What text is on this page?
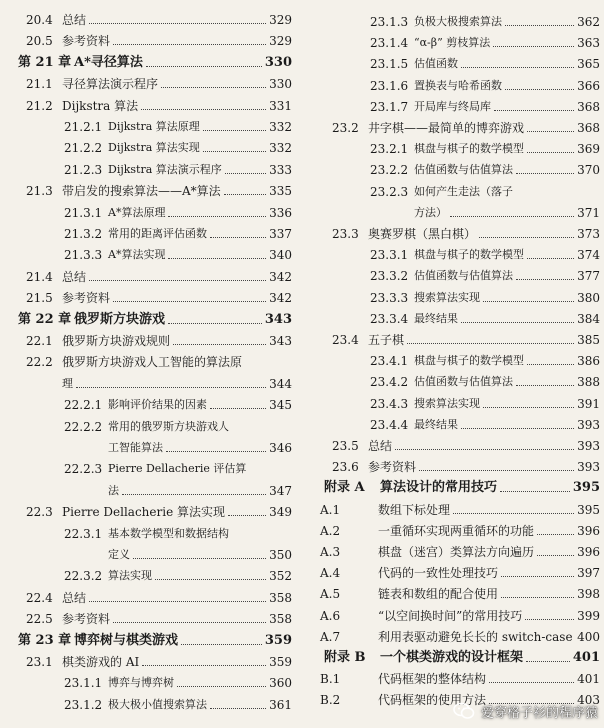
20.4 总结	329
20.5 参考资料	329
第 21 章 A*寻径算法	330
21.1 寻径算法演示程序	330
21.2 Dijkstra 算法	331
21.2.1 Dijkstra 算法原理	332
21.2.2 Dijkstra 算法实现	332
21.2.3 Dijkstra 算法演示程序	333
21.3 带启发的搜索算法——A*算法	335
21.3.1 A*算法原理	336
21.3.2 常用的距离评估函数	337
21.3.3 A*算法实现	340
21.4 总结	342
21.5 参考资料	342
第 22 章 俄罗斯方块游戏	343
22.1 俄罗斯方块游戏规则	343
22.2 俄罗斯方块游戏人工智能的算法原
理	344
22.2.1 影响评价结果的因素	345
22.2.2 常用的俄罗斯方块游戏人
工智能算法	346
22.2.3 Pierre Dellacherie 评估算
法	347
22.3 Pierre Dellacherie 算法实现	349
22.3.1 基本数学模型和数据结构
定义	350
22.3.2 算法实现	352
22.4 总结	358
22.5 参考资料	358
第 23 章 博弈树与棋类游戏	359
23.1 棋类游戏的 AI	359
23.1.1 博弈与博弈树	360
23.1.2 极大极小值搜索算法	361
23.1.3 负极大极搜索算法	362
23.1.4 “α-β” 剪枝算法	363
23.1.5 估值函数	365
23.1.6 置换表与哈希函数	366
23.1.7 开局库与终局库	368
23.2 井字棋——最简单的博弈游戏	368
23.2.1 棋盘与棋子的数学模型	369
23.2.2 估值函数与估值算法	370
23.2.3 如何产生走法（落子
方法）	371
23.3 奥赛罗棋（黑白棋）	373
23.3.1 棋盘与棋子的数学模型	374
23.3.2 估值函数与估值算法	377
23.3.3 搜索算法实现	380
23.3.4 最终结果	384
23.4 五子棋	385
23.4.1 棋盘与棋子的数学模型	386
23.4.2 估值函数与估值算法	388
23.4.3 搜索算法实现	391
23.4.4 最终结果	393
23.5 总结	393
23.6 参考资料	393
附录 A 算法设计的常用技巧	395
A.1	数组下标处理	395
A.2	一重循环实现两重循环的功能	396
A.3	棋盘（迷宫）类算法方向遍历	396
A.4	代码的一致性处理技巧	397
A.5	链表和数组的配合使用	398
A.6	“以空间换时间”的常用技巧	399
A.7	利用表驱动避免长长的 switch-case 400
附录 B 一个棋类游戏的设计框架	401
B.1	代码框架的整体结构	401
B.2	代码框架的使用方法	403
爱穿格子衫的程序猿
